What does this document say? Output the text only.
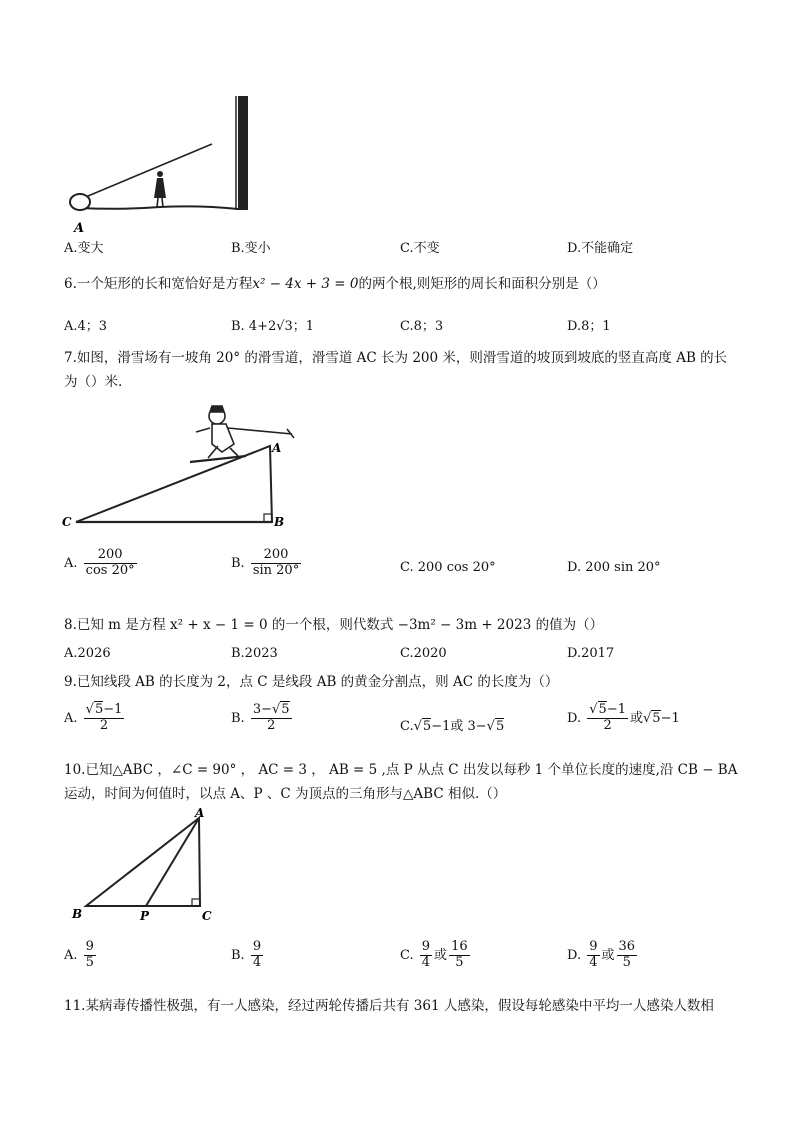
A
A.变大	B.变小	C.不变	D.不能确定
6.一个矩形的长和宽恰好是方程x² − 4x + 3 = 0的两个根,则矩形的周长和面积分别是（）
A.4；3	B. 4+2√3；1	C.8；3	D.8；1
7.如图，滑雪场有一坡角 20° 的滑雪道，滑雪道 AC 长为 200 米，则滑雪道的坡顶到坡底的竖直高度 AB 的长
为（）米.
A
B
C
A. $\frac{200}{\cos 20^\circ}$	B. $\frac{200}{\sin 20^\circ}$	C. 200 cos 20°	D. 200 sin 20°
8.已知 m 是方程 x² + x − 1 = 0 的一个根，则代数式 −3m² − 3m + 2023 的值为（）
A.2026	B.2023	C.2020	D.2017
9.已知线段 AB 的长度为 2，点 C 是线段 AB 的黄金分割点，则 AC 的长度为（）
A. $\frac{√5-1}{2}$	B. $\frac{3-√5}{2}$	C.√5−1或 3−√5
D. $\frac{√5-1}{2}$ 或√5−1
10.已知△ABC ，∠C = 90° ， AC = 3 ， AB = 5 ,点 P 从点 C 出发以每秒 1 个单位长度的速度,沿 CB − BA
运动，时间为何值时，以点 A、P 、C 为顶点的三角形与△ABC 相似.（）
A
B	P	C
A. $\frac{9}{5}$	B. $\frac{9}{4}$	C. $\frac{9}{4}$ 或 $\frac{16}{5}$	D. $\frac{9}{4}$ 或 $\frac{36}{5}$
11.某病毒传播性极强，有一人感染，经过两轮传播后共有 361 人感染，假设每轮感染中平均一人感染人数相
